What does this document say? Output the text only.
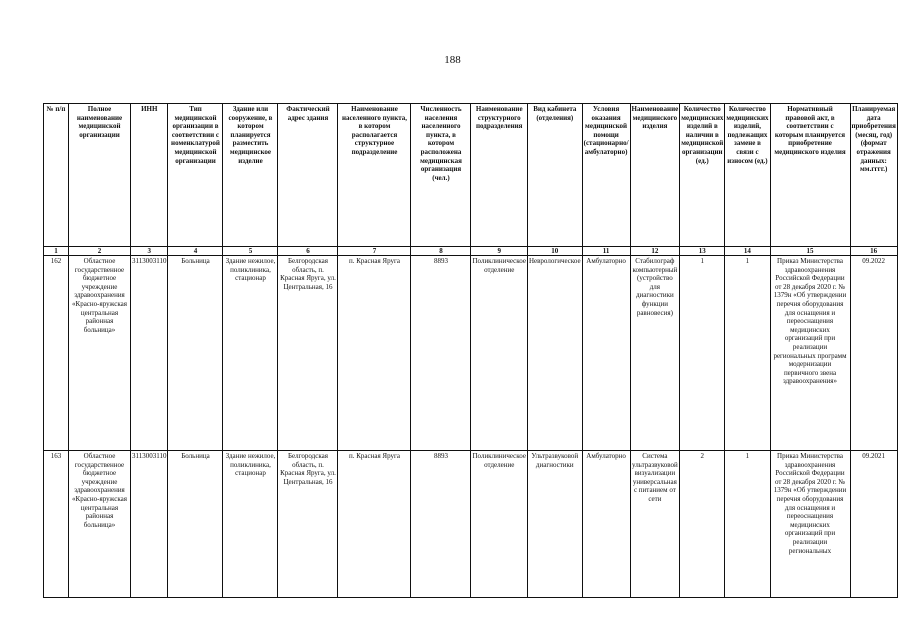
188
№ п/п	Полное наименование медицинской организации	ИНН	Тип медицинской организации в соответствии с номенклатурой медицинской организации	Здание или сооружение, в котором планируется разместить медицинское изделие	Фактический адрес здания	Наименование населенного пункта, в котором располагается структурное подразделение	Численность населения населенного пункта, в котором расположена медицинская организация (чел.)	Наименование структурного подразделения	Вид кабинета (отделения)	Условия оказания медицинской помощи (стационарно/амбулаторно)	Наименование медицинского изделия	Количество медицинских изделий в наличии в медицинской организации (ед.)	Количество медицинских изделий, подлежащих замене в связи с износом (ед.)	Нормативный правовой акт, в соответствии с которым планируется приобретение медицинского изделия	Планируемая дата приобретения (месяц, год) (формат отражения данных: мм.гггг.)
1	2	3	4	5	6	7	8	9	10	11	12	13	14	15	16
162	Областное государственное бюджетное учреждение здравоохранения «Красно-яружская центральная районная больница»	3113003110	Больница	Здание нежилое, поликлиника, стационар	Белгородская область, п. Красная Яруга, ул. Центральная, 16	п. Красная Яруга	8893	Поликлиническое отделение	Неврологическое	Амбулаторно	Стабилограф компьютерный (устройство для диагностики функции равновесия)	1	1	Приказ Министерства здравоохранения Российской Федерации от 28 декабря 2020 г. № 1379н «Об утверждении перечня оборудования для оснащения и переоснащения медицинских организаций при реализации региональных программ модернизации первичного звена здравоохранения»	09.2022
163	Областное государственное бюджетное учреждение здравоохранения «Красно-яружская центральная районная больница»	3113003110	Больница	Здание нежилое, поликлиника, стационар	Белгородская область, п. Красная Яруга, ул. Центральная, 16	п. Красная Яруга	8893	Поликлиническое отделение	Ультразвуковой диагностики	Амбулаторно	Система ультразвуковой визуализации универсальная с питанием от сети	2	1	Приказ Министерства здравоохранения Российской Федерации от 28 декабря 2020 г. № 1379н «Об утверждении перечня оборудования для оснащения и переоснащения медицинских организаций при реализации региональных	09.2021
